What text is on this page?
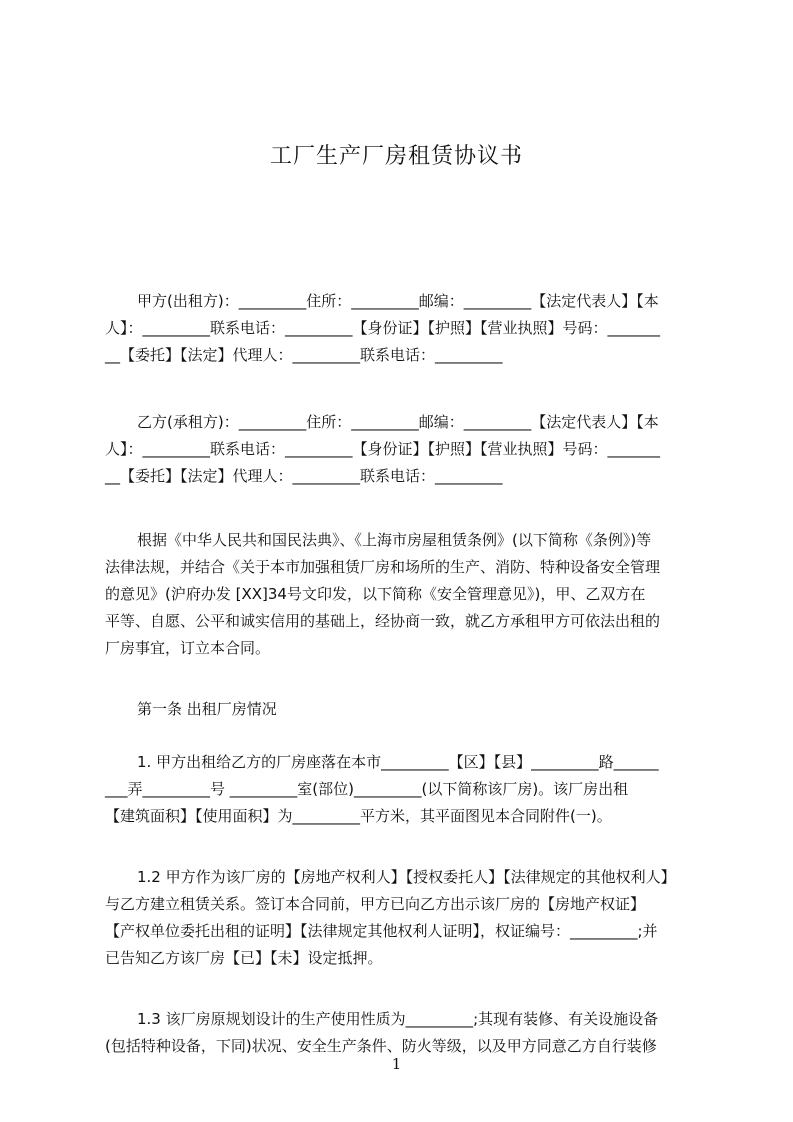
工厂生产厂房租赁协议书

甲方(出租方)：_________住所：_________邮编：_________【法定代表人】【本
人】：_________联系电话：_________【身份证】【护照】【营业执照】号码：_______
__【委托】【法定】代理人：_________联系电话：_________

乙方(承租方)：_________住所：_________邮编：_________【法定代表人】【本
人】：_________联系电话：_________【身份证】【护照】【营业执照】号码：_______
__【委托】【法定】代理人：_________联系电话：_________

根据《中华人民共和国民法典》、《上海市房屋租赁条例》(以下简称《条例》)等
法律法规，并结合《关于本市加强租赁厂房和场所的生产、消防、特种设备安全管理
的意见》(沪府办发 [XX]34号文印发，以下简称《安全管理意见》)，甲、乙双方在
平等、自愿、公平和诚实信用的基础上，经协商一致，就乙方承租甲方可依法出租的
厂房事宜，订立本合同。

第一条 出租厂房情况

1. 甲方出租给乙方的厂房座落在本市_________【区】【县】_________路______
___弄_________号 _________室(部位)_________(以下简称该厂房)。该厂房出租
【建筑面积】【使用面积】为_________平方米，其平面图见本合同附件(一)。

1.2 甲方作为该厂房的【房地产权利人】【授权委托人】【法律规定的其他权利人】
与乙方建立租赁关系。签订本合同前，甲方已向乙方出示该厂房的【房地产权证】
【产权单位委托出租的证明】【法律规定其他权利人证明】，权证编号：_________;并
已告知乙方该厂房【已】【未】设定抵押。

1.3 该厂房原规划设计的生产使用性质为_________;其现有装修、有关设施设备
(包括特种设备，下同)状况、安全生产条件、防火等级，以及甲方同意乙方自行装修

1
